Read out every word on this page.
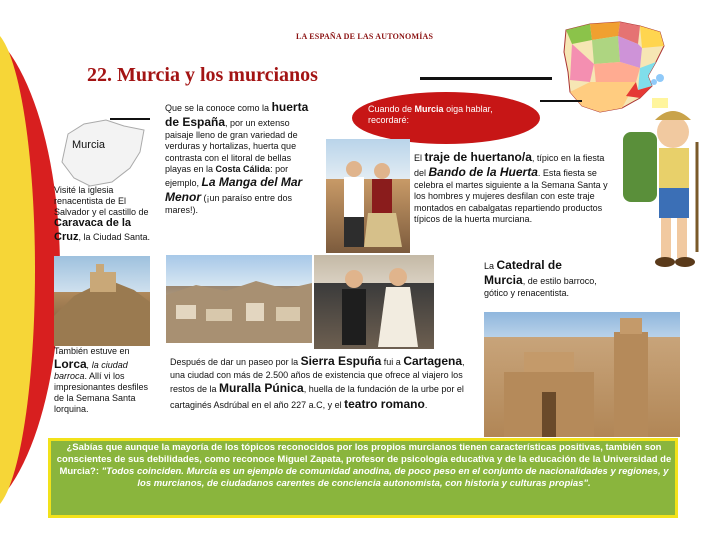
LA ESPAÑA DE LAS AUTONOMÍAS
22. Murcia y los murcianos
Murcia
Visité la iglesia renacentista de El Salvador y el castillo de Caravaca de la Cruz, la Ciudad Santa.
Que se la conoce como la huerta de España, por un extenso paisaje lleno de gran variedad de verduras y hortalizas, huerta que contrasta con el litoral de bellas playas en la Costa Cálida: por ejemplo, La Manga del Mar Menor (¡un paraíso entre dos mares!).
Cuando de Murcia oiga hablar, recordaré:
El traje de huertano/a, típico en la fiesta del Bando de la Huerta. Esta fiesta se celebra el martes siguiente a la Semana Santa y los hombres y mujeres desfilan con este traje montados en cabalgatas repartiendo productos típicos de la huerta murciana.
La Catedral de Murcia, de estilo barroco, gótico y renacentista.
También estuve en Lorca, la ciudad barroca. Allí vi los impresionantes desfiles de la Semana Santa lorquina.
Después de dar un paseo por la Sierra Espuña fui a Cartagena, una ciudad con más de 2.500 años de existencia que ofrece al viajero los restos de la Muralla Púnica, huella de la fundación de la urbe por el cartaginés Asdrúbal en el año 227 a.C, y el teatro romano.
¿Sabías que aunque la mayoría de los tópicos reconocidos por los propios murcianos tienen características positivas, también son conscientes de sus debilidades, como reconoce Miguel Zapata, profesor de psicología educativa y de la educación de la Universidad de Murcia?: "Todos coinciden. Murcia es un ejemplo de comunidad anodina, de poco peso en el conjunto de nacionalidades y regiones, y los murcianos, de ciudadanos carentes de conciencia autonomista, con historia y culturas propias".
